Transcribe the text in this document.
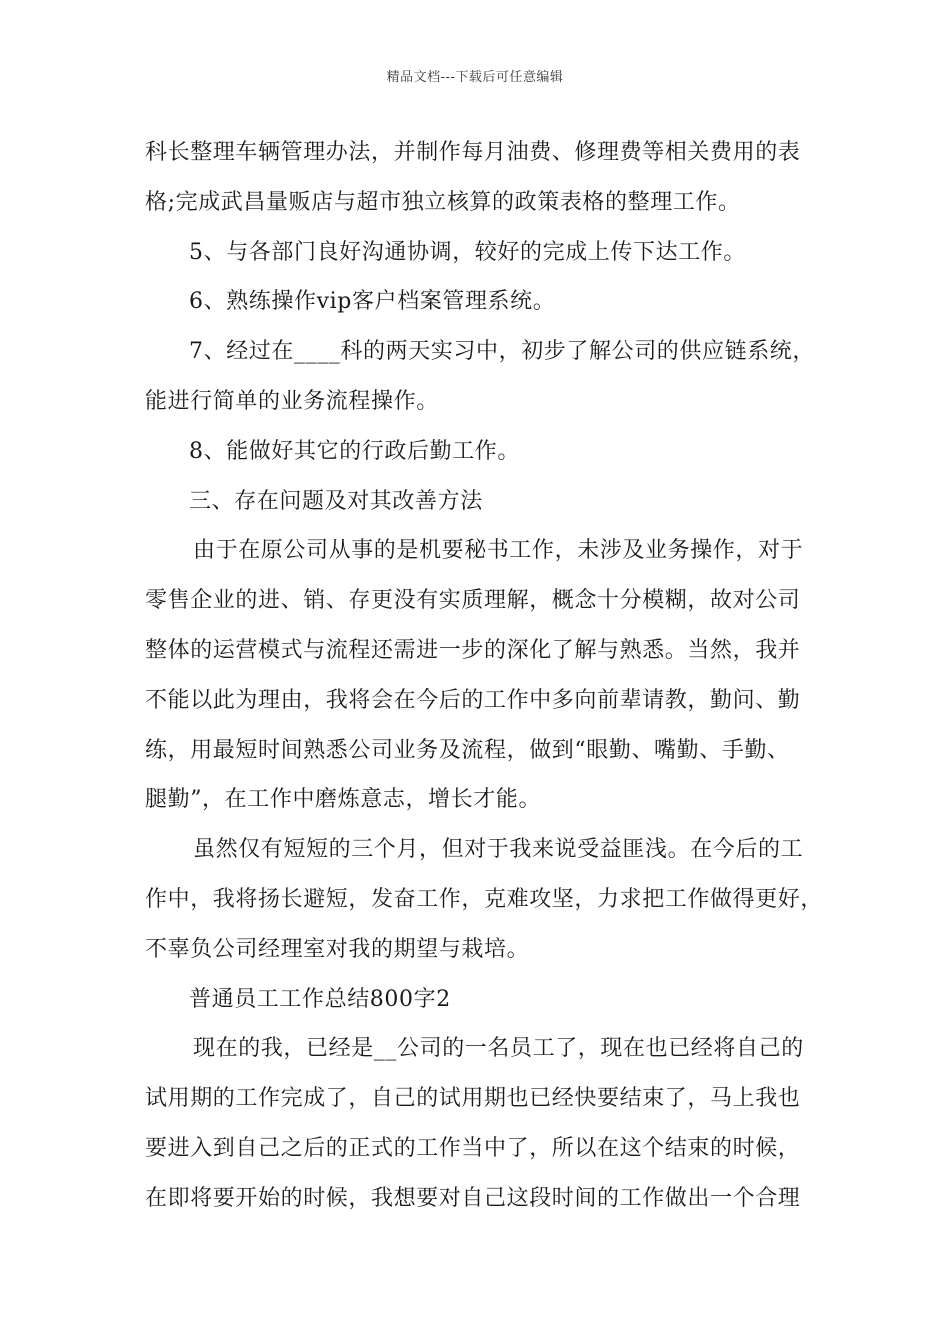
精品文档---下载后可任意编辑
科长整理车辆管理办法，并制作每月油费、修理费等相关费用的表
格;完成武昌量贩店与超市独立核算的政策表格的整理工作。
5、与各部门良好沟通协调，较好的完成上传下达工作。
6、熟练操作vip客户档案管理系统。
7、经过在____科的两天实习中，初步了解公司的供应链系统，
能进行简单的业务流程操作。
8、能做好其它的行政后勤工作。
三、存在问题及对其改善方法
由于在原公司从事的是机要秘书工作，未涉及业务操作，对于
零售企业的进、销、存更没有实质理解，概念十分模糊，故对公司
整体的运营模式与流程还需进一步的深化了解与熟悉。当然，我并
不能以此为理由，我将会在今后的工作中多向前辈请教，勤问、勤
练，用最短时间熟悉公司业务及流程，做到“眼勤、嘴勤、手勤、
腿勤”，在工作中磨炼意志，增长才能。
虽然仅有短短的三个月，但对于我来说受益匪浅。在今后的工
作中，我将扬长避短，发奋工作，克难攻坚，力求把工作做得更好，
不辜负公司经理室对我的期望与栽培。
普通员工工作总结800字2
现在的我，已经是__公司的一名员工了，现在也已经将自己的
试用期的工作完成了，自己的试用期也已经快要结束了，马上我也
要进入到自己之后的正式的工作当中了，所以在这个结束的时候，
在即将要开始的时候，我想要对自己这段时间的工作做出一个合理
